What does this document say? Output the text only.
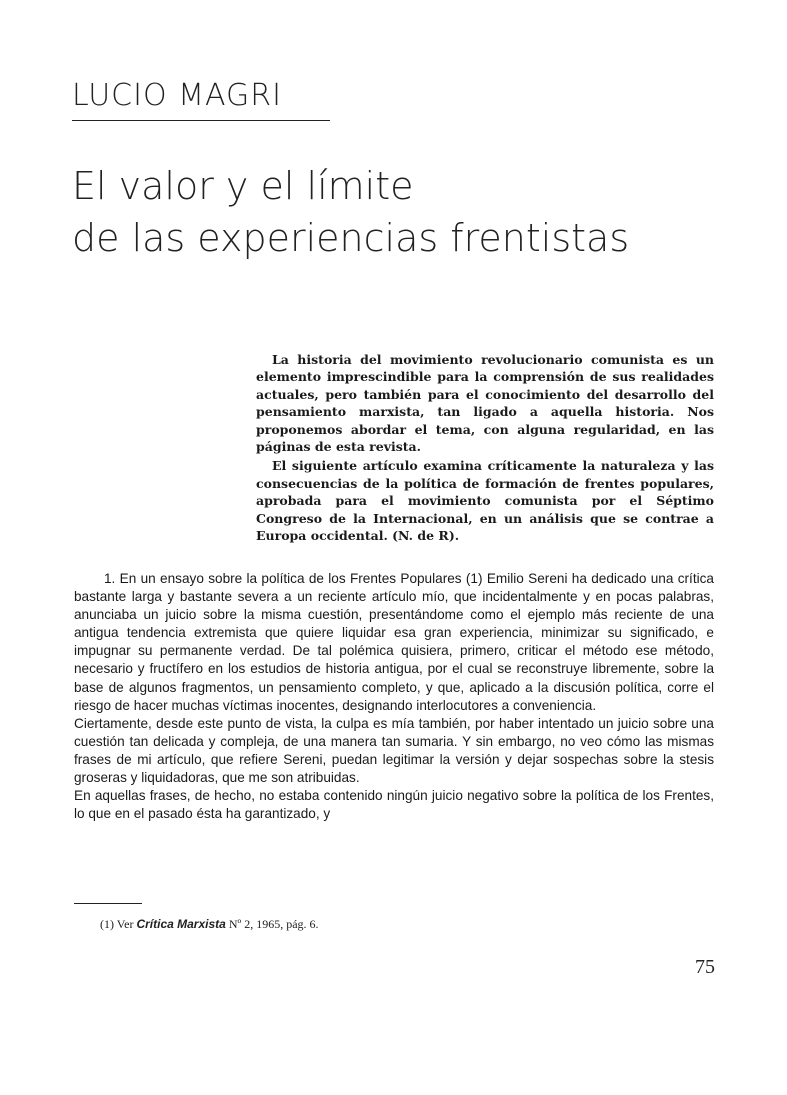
LUCIO MAGRI
El valor y el límite
de las experiencias frentistas

La historia del movimiento revolucionario comunista es un elemento imprescindible para la comprensión de sus realidades actuales, pero también para el conocimiento del desarrollo del pensamiento marxista, tan ligado a aquella historia. Nos proponemos abordar el tema, con alguna regularidad, en las páginas de esta revista.

El siguiente artículo examina críticamente la naturaleza y las consecuencias de la política de formación de frentes populares, aprobada para el movimiento comunista por el Séptimo Congreso de la Internacional, en un análisis que se contrae a Europa occidental. (N. de R).

1. En un ensayo sobre la política de los Frentes Populares (1) Emilio Sereni ha dedicado una crítica bastante larga y bastante severa a un reciente artículo mío, que incidentalmente y en pocas palabras, anunciaba un juicio sobre la misma cuestión, presentándome como el ejemplo más reciente de una antigua tendencia extremista que quiere liquidar esa gran experiencia, minimizar su significado, e impugnar su permanente verdad. De tal polémica quisiera, primero, criticar el método ese método, necesario y fructífero en los estudios de historia antigua, por el cual se reconstruye libremente, sobre la base de algunos fragmentos, un pensamiento completo, y que, aplicado a la discusión política, corre el riesgo de hacer muchas víctimas inocentes, designando interlocutores a conveniencia.

Ciertamente, desde este punto de vista, la culpa es mía también, por haber intentado un juicio sobre una cuestión tan delicada y compleja, de una manera tan sumaria. Y sin embargo, no veo cómo las mismas frases de mi artículo, que refiere Sereni, puedan legitimar la versión y dejar sospechas sobre la stesis groseras y liquidadoras, que me son atribuidas.

En aquellas frases, de hecho, no estaba contenido ningún juicio negativo sobre la política de los Frentes, lo que en el pasado ésta ha garantizado, y

(1) Ver Crítica Marxista Nº 2, 1965, pág. 6.
75
